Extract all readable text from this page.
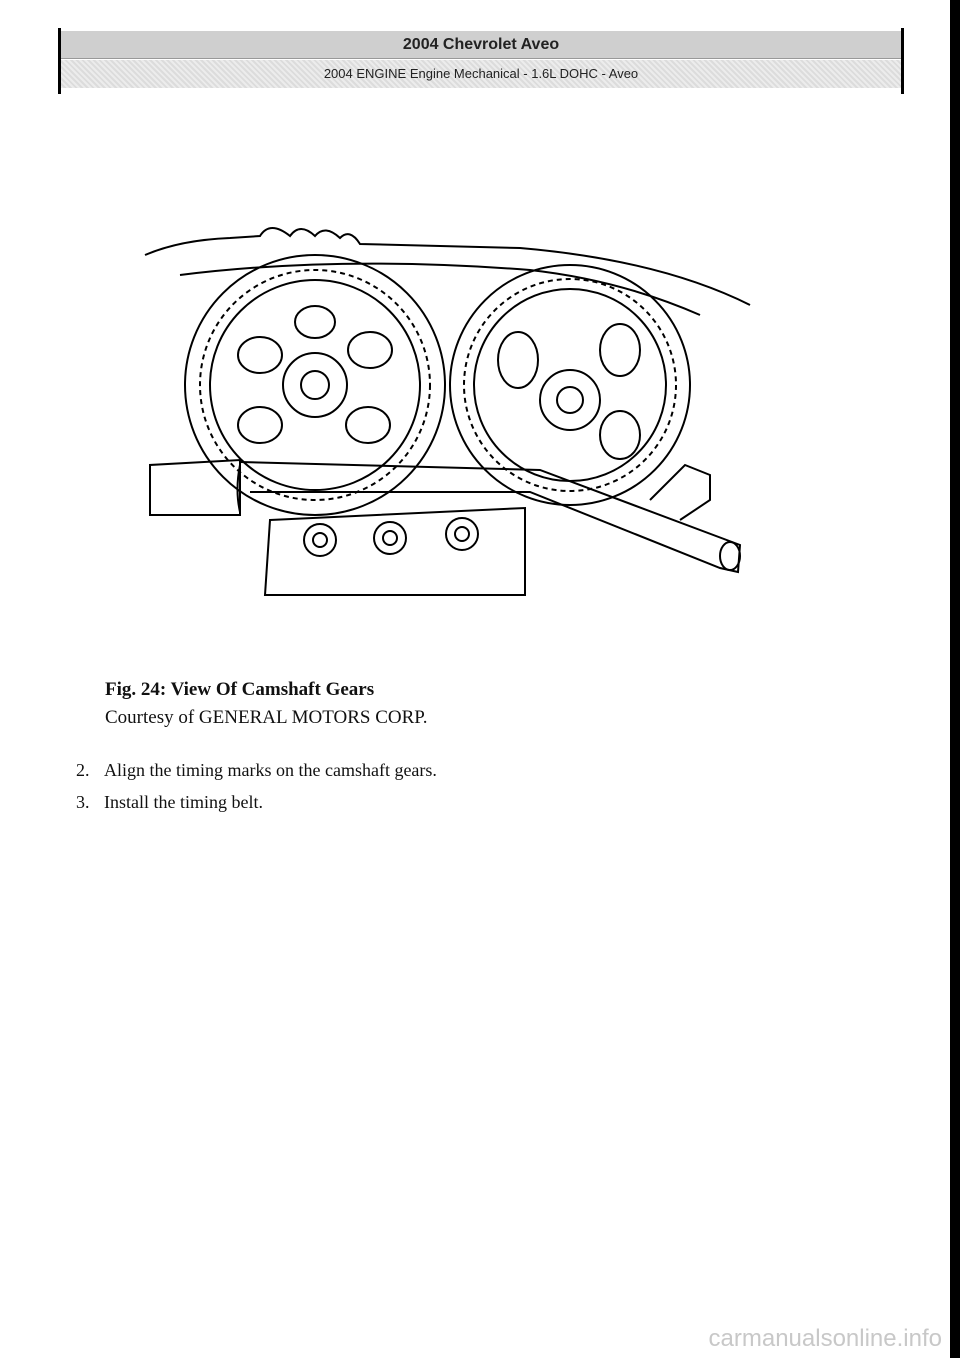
2004 Chevrolet Aveo
2004 ENGINE Engine Mechanical - 1.6L DOHC - Aveo
Fig. 24: View Of Camshaft Gears
Courtesy of GENERAL MOTORS CORP.
2. Align the timing marks on the camshaft gears.
3. Install the timing belt.
carmanualsonline.info
